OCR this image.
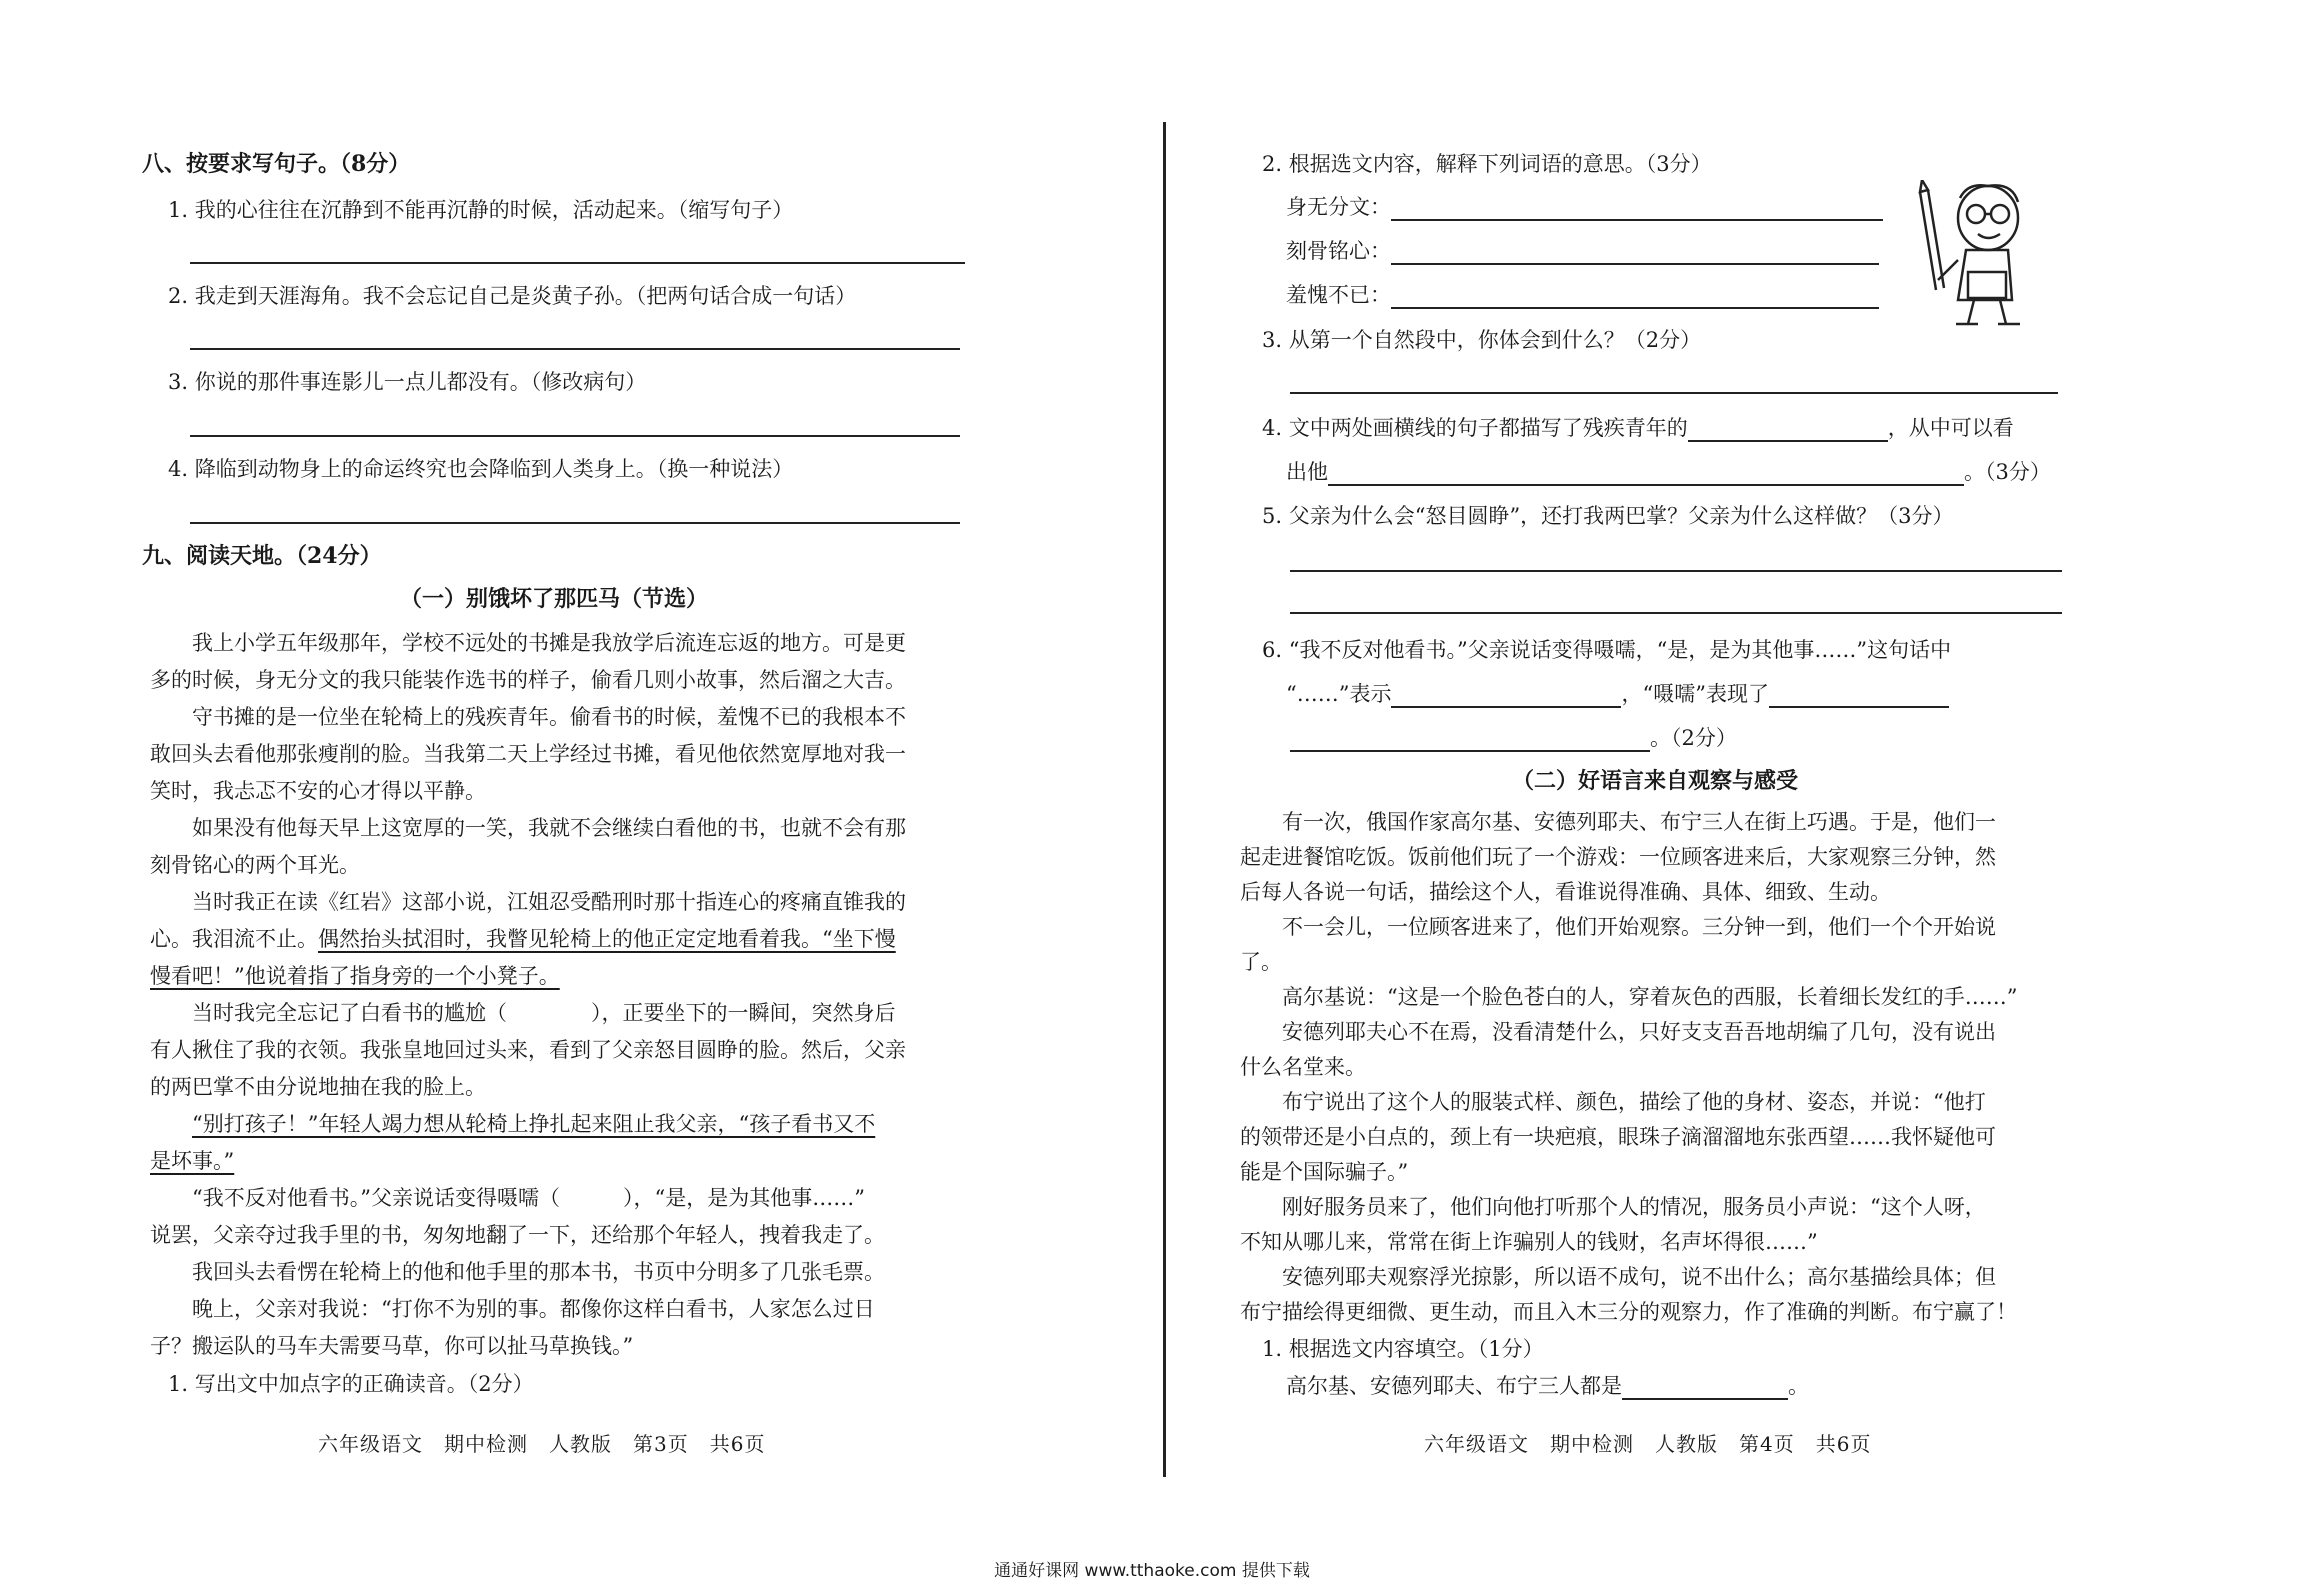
八、按要求写句子。（8分）
1. 我的心往往在沉静到不能再沉静的时候，活动起来。（缩写句子）
2. 我走到天涯海角。我不会忘记自己是炎黄子孙。（把两句话合成一句话）
3. 你说的那件事连影儿一点儿都没有。（修改病句）
4. 降临到动物身上的命运终究也会降临到人类身上。（换一种说法）
九、阅读天地。（24分）
（一）别饿坏了那匹马（节选）
我上小学五年级那年，学校不远处的书摊是我放学后流连忘返的地方。可是更
多的时候，身无分文的我只能装作选书的样子，偷看几则小故事，然后溜之大吉。
守书摊的是一位坐在轮椅上的残疾青年。偷看书的时候，羞愧不已的我根本不
敢回头去看他那张瘦削的脸。当我第二天上学经过书摊，看见他依然宽厚地对我一
笑时，我忐忑不安的心才得以平静。
如果没有他每天早上这宽厚的一笑，我就不会继续白看他的书，也就不会有那
刻骨铭心的两个耳光。
当时我正在读《红岩》这部小说，江姐忍受酷刑时那十指连心的疼痛直锥我的
心。我泪流不止。偶然抬头拭泪时，我瞥见轮椅上的他正定定地看着我。“坐下慢
慢看吧！”他说着指了指身旁的一个小凳子。
当时我完全忘记了白看书的尴尬（　　　　），正要坐下的一瞬间，突然身后
有人揪住了我的衣领。我张皇地回过头来，看到了父亲怒目圆睁的脸。然后，父亲
的两巴掌不由分说地抽在我的脸上。
“别打孩子！”年轻人竭力想从轮椅上挣扎起来阻止我父亲，“孩子看书又不
是坏事。”
“我不反对他看书。”父亲说话变得嗫嚅（　　　），“是，是为其他事……”
说罢，父亲夺过我手里的书，匆匆地翻了一下，还给那个年轻人，拽着我走了。
我回头去看愣在轮椅上的他和他手里的那本书，书页中分明多了几张毛票。
晚上，父亲对我说：“打你不为别的事。都像你这样白看书，人家怎么过日
子？搬运队的马车夫需要马草，你可以扯马草换钱。”
1. 写出文中加点字的正确读音。（2分）
六年级语文　期中检测　人教版　第3页　共6页
2. 根据选文内容，解释下列词语的意思。（3分）
身无分文：
刻骨铭心：
羞愧不已：
3. 从第一个自然段中，你体会到什么？（2分）
4. 文中两处画横线的句子都描写了残疾青年的	，从中可以看
出他	。（3分）
5. 父亲为什么会“怒目圆睁”，还打我两巴掌？父亲为什么这样做？（3分）
6. “我不反对他看书。”父亲说话变得嗫嚅，“是，是为其他事……”这句话中
“……”表示	，“嗫嚅”表现了
。（2分）
（二）好语言来自观察与感受
有一次，俄国作家高尔基、安德列耶夫、布宁三人在街上巧遇。于是，他们一
起走进餐馆吃饭。饭前他们玩了一个游戏：一位顾客进来后，大家观察三分钟，然
后每人各说一句话，描绘这个人，看谁说得准确、具体、细致、生动。
不一会儿，一位顾客进来了，他们开始观察。三分钟一到，他们一个个开始说
了。
高尔基说：“这是一个脸色苍白的人，穿着灰色的西服，长着细长发红的手……”
安德列耶夫心不在焉，没看清楚什么，只好支支吾吾地胡编了几句，没有说出
什么名堂来。
布宁说出了这个人的服装式样、颜色，描绘了他的身材、姿态，并说：“他打
的领带还是小白点的，颈上有一块疤痕，眼珠子滴溜溜地东张西望……我怀疑他可
能是个国际骗子。”
刚好服务员来了，他们向他打听那个人的情况，服务员小声说：“这个人呀，
不知从哪儿来，常常在街上诈骗别人的钱财，名声坏得很……”
安德列耶夫观察浮光掠影，所以语不成句，说不出什么；高尔基描绘具体；但
布宁描绘得更细微、更生动，而且入木三分的观察力，作了准确的判断。布宁赢了！
1. 根据选文内容填空。（1分）
高尔基、安德列耶夫、布宁三人都是	。
六年级语文　期中检测　人教版　第4页　共6页
通通好课网 www.tthaoke.com 提供下载
